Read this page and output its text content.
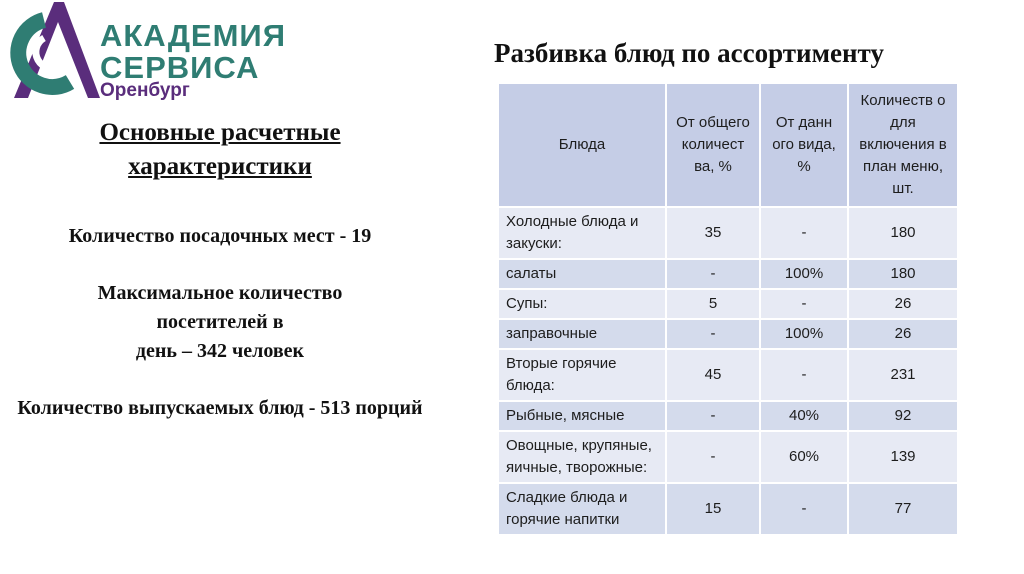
АКАДЕМИЯ
СЕРВИСА
Оренбург

Основные расчетные характеристики

Количество посадочных мест - 19

Максимальное количество
посетителей в
день – 342 человек

Количество выпускаемых блюд - 513 порций

Разбивка блюд по ассортименту
Блюда	От общего количест ва, %	От данн ого вида, %	Количеств о для включения в план меню, шт.
Холодные блюда и закуски:	35	-	180
салаты	-	100%	180
Супы:	5	-	26
заправочные	-	100%	26
Вторые горячие блюда:	45	-	231
Рыбные, мясные	-	40%	92
Овощные, крупяные, яичные, творожные:	-	60%	139
Сладкие блюда и горячие напитки	15	-	77
